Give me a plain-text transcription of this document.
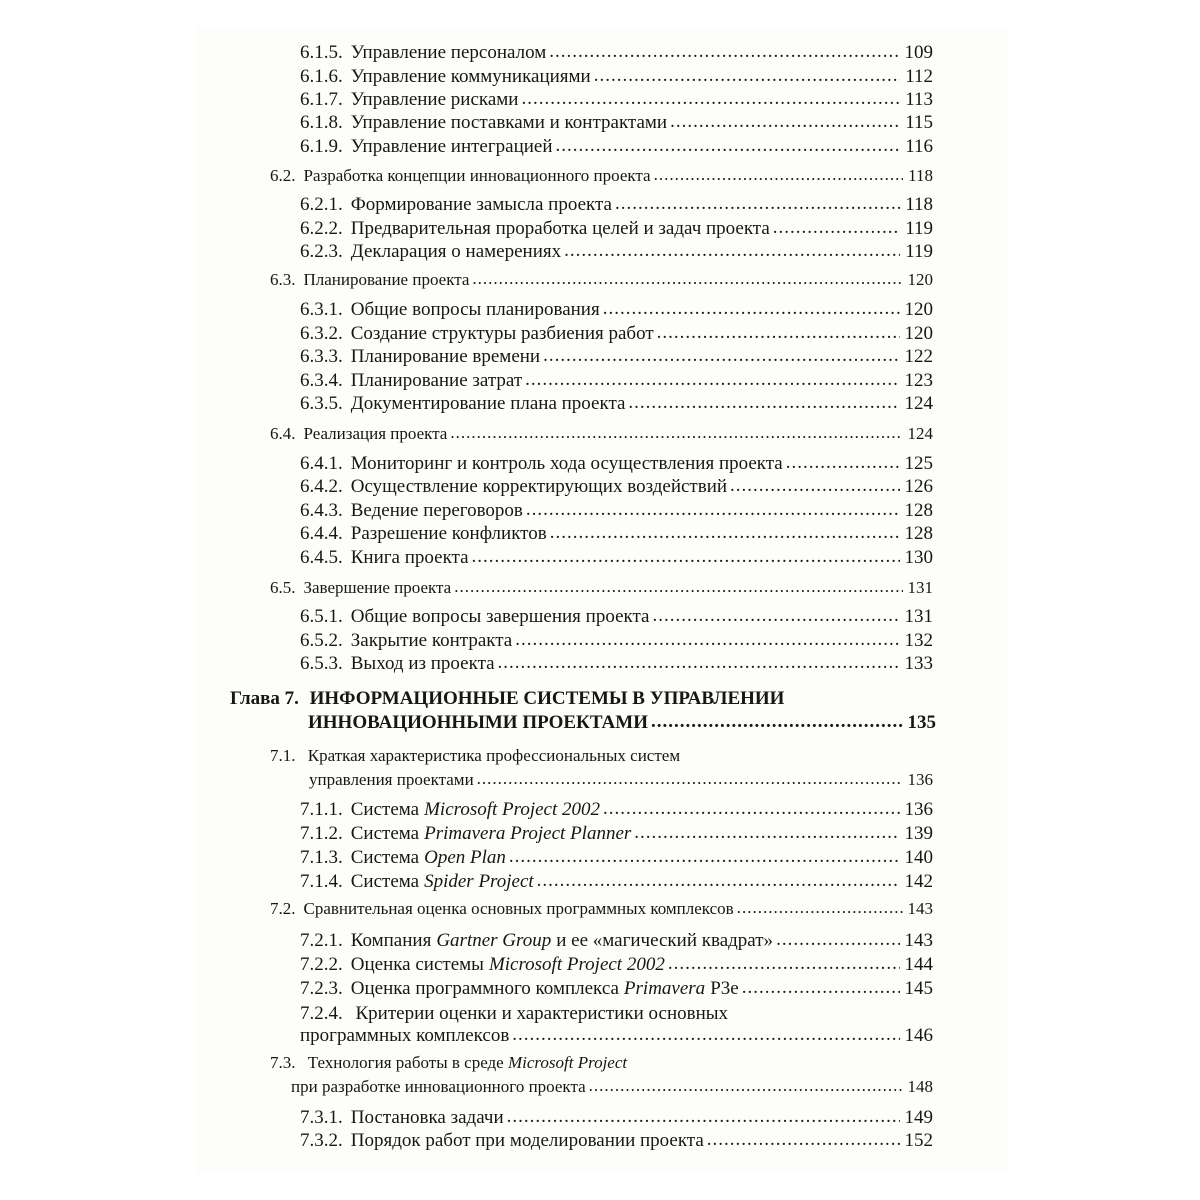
6.1.5. Управление персоналом .....	109
6.1.6. Управление коммуникациями .....	112
6.1.7. Управление рисками .....	113
6.1.8. Управление поставками и контрактами .....	115
6.1.9. Управление интеграцией .....	116
6.2. Разработка концепции инновационного проекта .....	118
6.2.1. Формирование замысла проекта .....	118
6.2.2. Предварительная проработка целей и задач проекта .....	119
6.2.3. Декларация о намерениях .....	119
6.3. Планирование проекта .....	120
6.3.1. Общие вопросы планирования .....	120
6.3.2. Создание структуры разбиения работ .....	120
6.3.3. Планирование времени .....	122
6.3.4. Планирование затрат .....	123
6.3.5. Документирование плана проекта .....	124
6.4. Реализация проекта .....	124
6.4.1. Мониторинг и контроль хода осуществления проекта .....	125
6.4.2. Осуществление корректирующих воздействий .....	126
6.4.3. Ведение переговоров .....	128
6.4.4. Разрешение конфликтов .....	128
6.4.5. Книга проекта .....	130
6.5. Завершение проекта .....	131
6.5.1. Общие вопросы завершения проекта .....	131
6.5.2. Закрытие контракта .....	132
6.5.3. Выход из проекта .....	133
Глава 7. ИНФОРМАЦИОННЫЕ СИСТЕМЫ В УПРАВЛЕНИИ
ИННОВАЦИОННЫМИ ПРОЕКТАМИ .....	135
7.1. Краткая характеристика профессиональных систем
управления проектами .....	136
7.1.1. Система Microsoft Project 2002 .....	136
7.1.2. Система Primavera Project Planner .....	139
7.1.3. Система Open Plan .....	140
7.1.4. Система Spider Project .....	142
7.2. Сравнительная оценка основных программных комплексов .....	143
7.2.1. Компания Gartner Group и ее «магический квадрат» .....	143
7.2.2. Оценка системы Microsoft Project 2002 .....	144
7.2.3. Оценка программного комплекса Primavera P3e .....	145
7.2.4. Критерии оценки и характеристики основных
программных комплексов .....	146
7.3. Технология работы в среде Microsoft Project
при разработке инновационного проекта .....	148
7.3.1. Постановка задачи .....	149
7.3.2. Порядок работ при моделировании проекта .....	152
